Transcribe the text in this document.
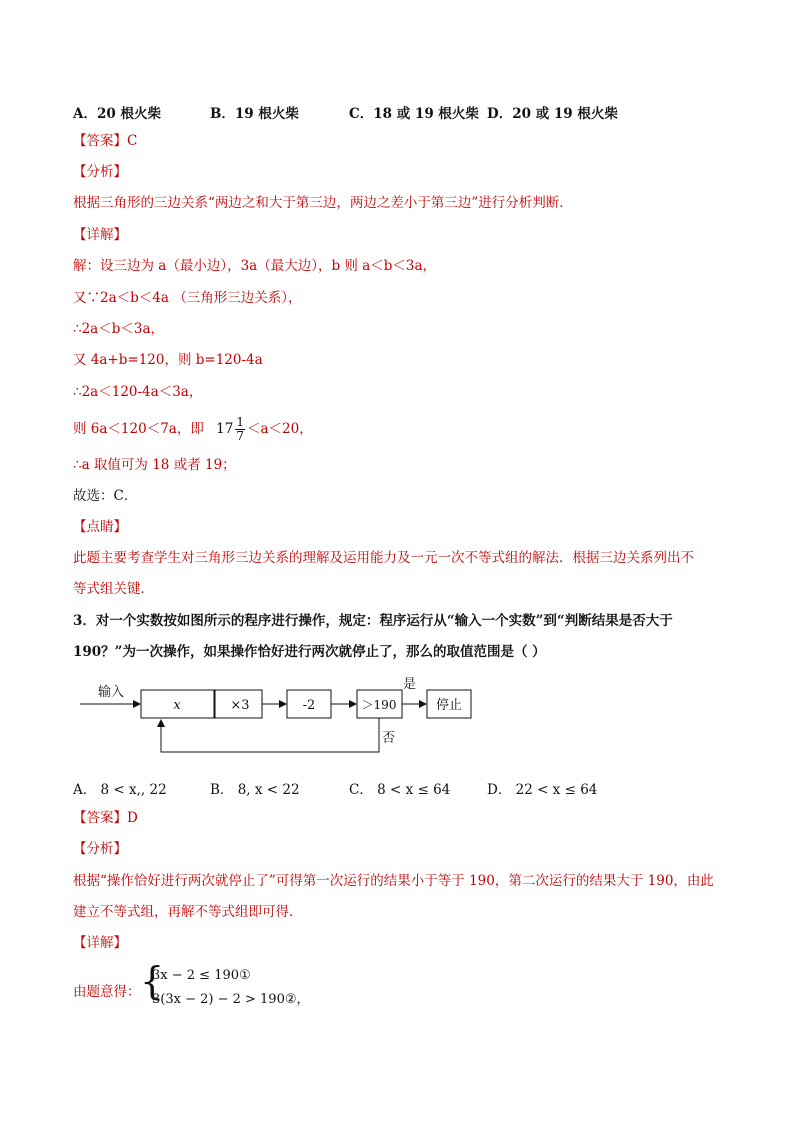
A．20 根火柴	B．19 根火柴	C．18 或 19 根火柴 D．20 或 19 根火柴
【答案】C
【分析】
根据三角形的三边关系“两边之和大于第三边，两边之差小于第三边”进行分析判断．
【详解】
解：设三边为 a（最小边），3a（最大边），b 则 a＜b＜3a，
又∵2a＜b＜4a （三角形三边关系），
∴2a＜b＜3a，
又 4a+b=120，则 b=120-4a
∴2a＜120-4a＜3a，
则 6a＜120＜7a，即 $17 \frac{1}{7} <a<20$，
∴a 取值可为 18 或者 19；
故选：C．
【点睛】
此题主要考查学生对三角形三边关系的理解及运用能力及一元一次不等式组的解法．根据三边关系列出不
等式组关键．
3．对一个实数按如图所示的程序进行操作，规定：程序运行从“输入一个实数”到“判断结果是否大于
190？”为一次操作，如果操作恰好进行两次就停止了，那么的取值范围是（ ）
输入
x	×3	-2	＞190
是
停止
否
A． 8 < x,, 22	B． 8, x < 22	C． 8 < x ≤ 64	D． 22 < x ≤ 64
【答案】D
【分析】
根据“操作恰好进行两次就停止了”可得第一次运行的结果小于等于 190，第二次运行的结果大于 190，由此
建立不等式组，再解不等式组即可得．
【详解】
由题意得： {
3x − 2 ≤ 190①
3(3x − 2) − 2 > 190②，
